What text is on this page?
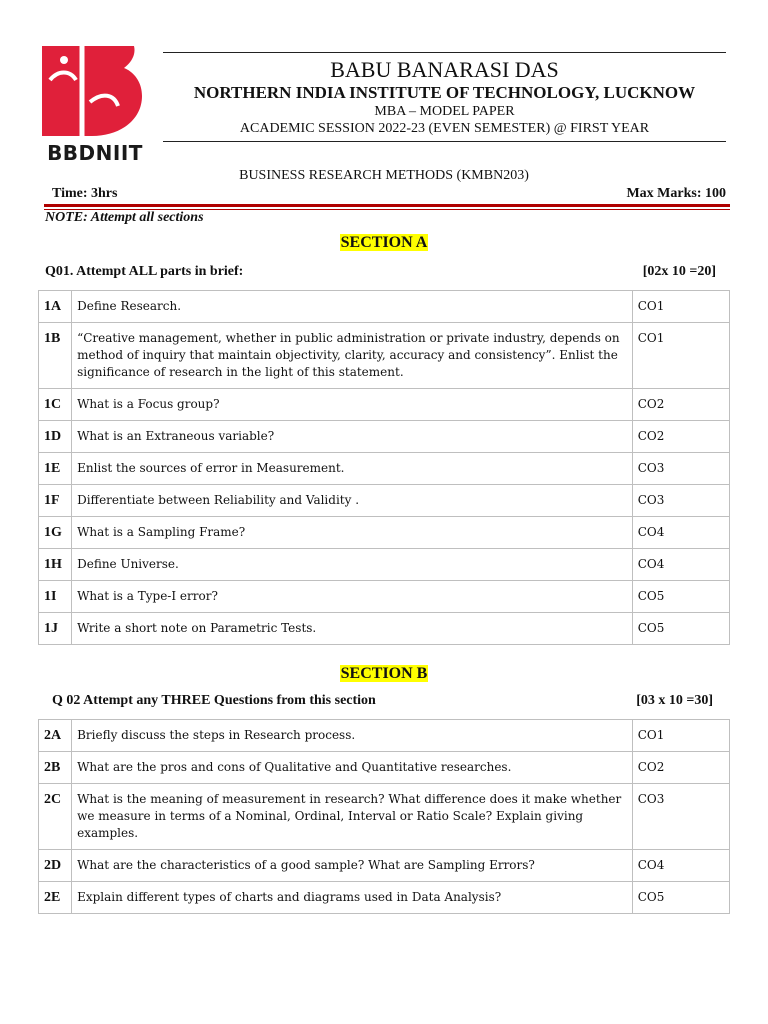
BBDNIIT
BABU BANARASI DAS
NORTHERN INDIA INSTITUTE OF TECHNOLOGY, LUCKNOW
MBA – MODEL PAPER
ACADEMIC SESSION 2022-23 (EVEN SEMESTER) @ FIRST YEAR
BUSINESS RESEARCH METHODS (KMBN203)
Time: 3hrs	Max Marks: 100
NOTE: Attempt all sections
SECTION A
Q01. Attempt ALL parts in brief:	[02x 10 =20]
1A	Define Research.	CO1
1B	“Creative management, whether in public administration or private industry, depends on method of inquiry that maintain objectivity, clarity, accuracy and consistency”. Enlist the significance of research in the light of this statement.	CO1
1C	What is a Focus group?	CO2
1D	What is an Extraneous variable?	CO2
1E	Enlist the sources of error in Measurement.	CO3
1F	Differentiate between Reliability and Validity .	CO3
1G	What is a Sampling Frame?	CO4
1H	Define Universe.	CO4
1I	What is a Type-I error?	CO5
1J	Write a short note on Parametric Tests.	CO5
SECTION B
Q 02 Attempt any THREE Questions from this section	[03 x 10 =30]
2A	Briefly discuss the steps in Research process.	CO1
2B	What are the pros and cons of Qualitative and Quantitative researches.	CO2
2C	What is the meaning of measurement in research? What difference does it make whether we measure in terms of a Nominal, Ordinal, Interval or Ratio Scale? Explain giving examples.	CO3
2D	What are the characteristics of a good sample? What are Sampling Errors?	CO4
2E	Explain different types of charts and diagrams used in Data Analysis?	CO5
